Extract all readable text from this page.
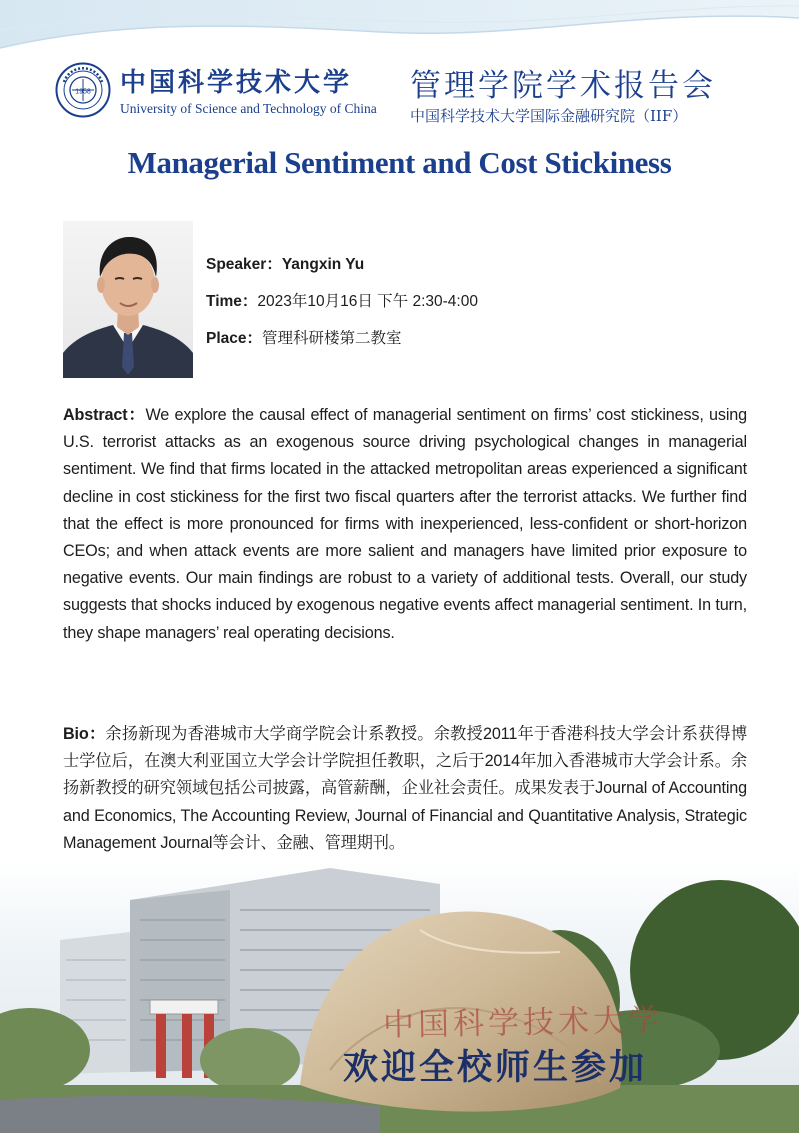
1958 中国科学技术大学
University of Science and Technology of China
管理学院学术报告会
中国科学技术大学国际金融研究院（IIF）
Managerial Sentiment and Cost Stickiness
Speaker：Yangxin Yu
Time：2023年10月16日 下午 2:30-4:00
Place：管理科研楼第二教室

Abstract：We explore the causal effect of managerial sentiment on firms’ cost stickiness, using U.S. terrorist attacks as an exogenous source driving psychological changes in managerial sentiment. We find that firms located in the attacked metropolitan areas experienced a significant decline in cost stickiness for the first two fiscal quarters after the terrorist attacks. We further find that the effect is more pronounced for firms with inexperienced, less-confident or short-horizon CEOs; and when attack events are more salient and managers have limited prior exposure to negative events. Our main findings are robust to a variety of additional tests. Overall, our study suggests that shocks induced by exogenous negative events affect managerial sentiment. In turn, they shape managers’ real operating decisions.

Bio：余扬新现为香港城市大学商学院会计系教授。余教授2011年于香港科技大学会计系获得博士学位后，在澳大利亚国立大学会计学院担任教职，之后于2014年加入香港城市大学会计系。余扬新教授的研究领域包括公司披露，高管薪酬，企业社会责任。成果发表于Journal of Accounting and Economics, The Accounting Review, Journal of Financial and Quantitative Analysis, Strategic Management Journal等会计、金融、管理期刊。

中国科学技术大学
欢迎全校师生参加
